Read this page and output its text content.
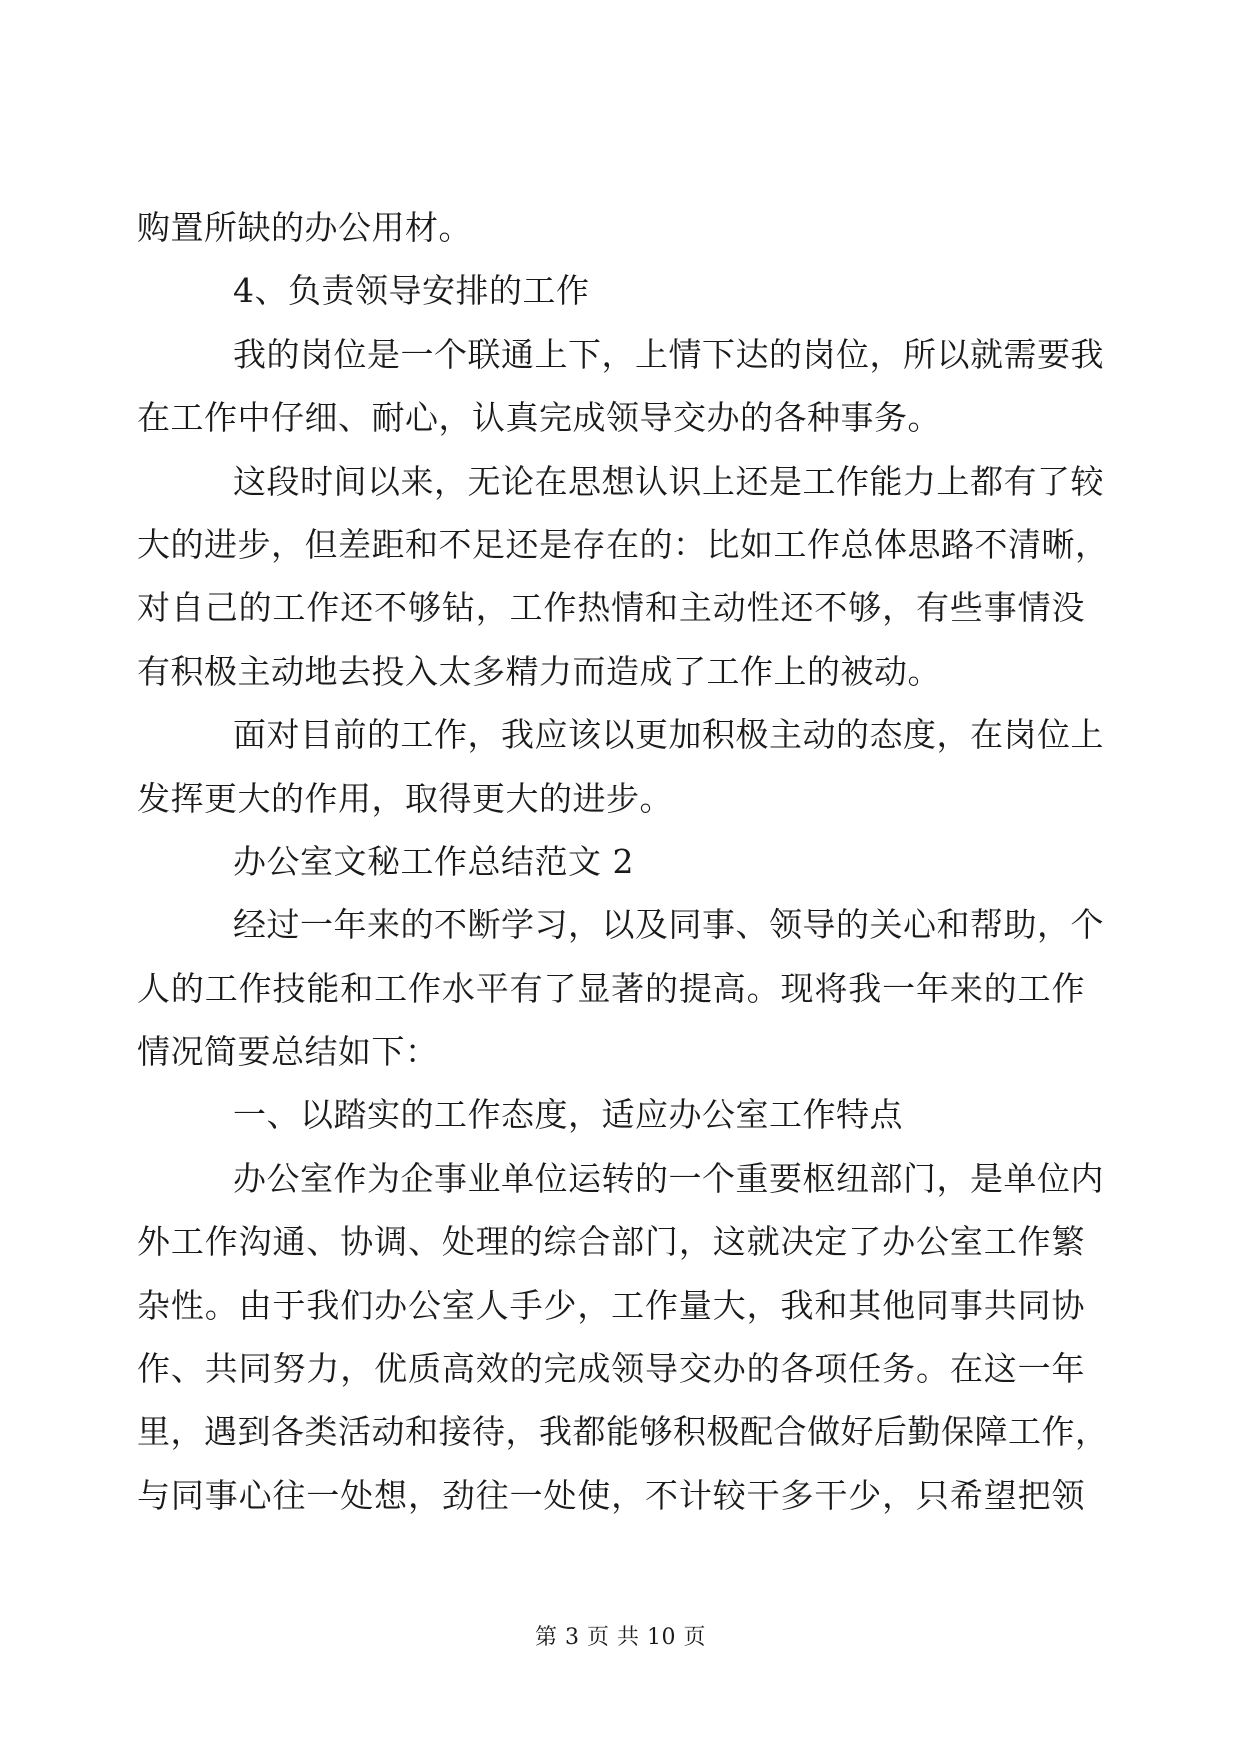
购置所缺的办公用材。
4、负责领导安排的工作
我的岗位是一个联通上下，上情下达的岗位，所以就需要我
在工作中仔细、耐心，认真完成领导交办的各种事务。
这段时间以来，无论在思想认识上还是工作能力上都有了较
大的进步，但差距和不足还是存在的：比如工作总体思路不清晰，
对自己的工作还不够钻，工作热情和主动性还不够，有些事情没
有积极主动地去投入太多精力而造成了工作上的被动。
面对目前的工作，我应该以更加积极主动的态度，在岗位上
发挥更大的作用，取得更大的进步。
办公室文秘工作总结范文 2
经过一年来的不断学习，以及同事、领导的关心和帮助，个
人的工作技能和工作水平有了显著的提高。现将我一年来的工作
情况简要总结如下：
一、以踏实的工作态度，适应办公室工作特点
办公室作为企事业单位运转的一个重要枢纽部门，是单位内
外工作沟通、协调、处理的综合部门，这就决定了办公室工作繁
杂性。由于我们办公室人手少，工作量大，我和其他同事共同协
作、共同努力，优质高效的完成领导交办的各项任务。在这一年
里，遇到各类活动和接待，我都能够积极配合做好后勤保障工作，
与同事心往一处想，劲往一处使，不计较干多干少，只希望把领
第 3 页 共 10 页
